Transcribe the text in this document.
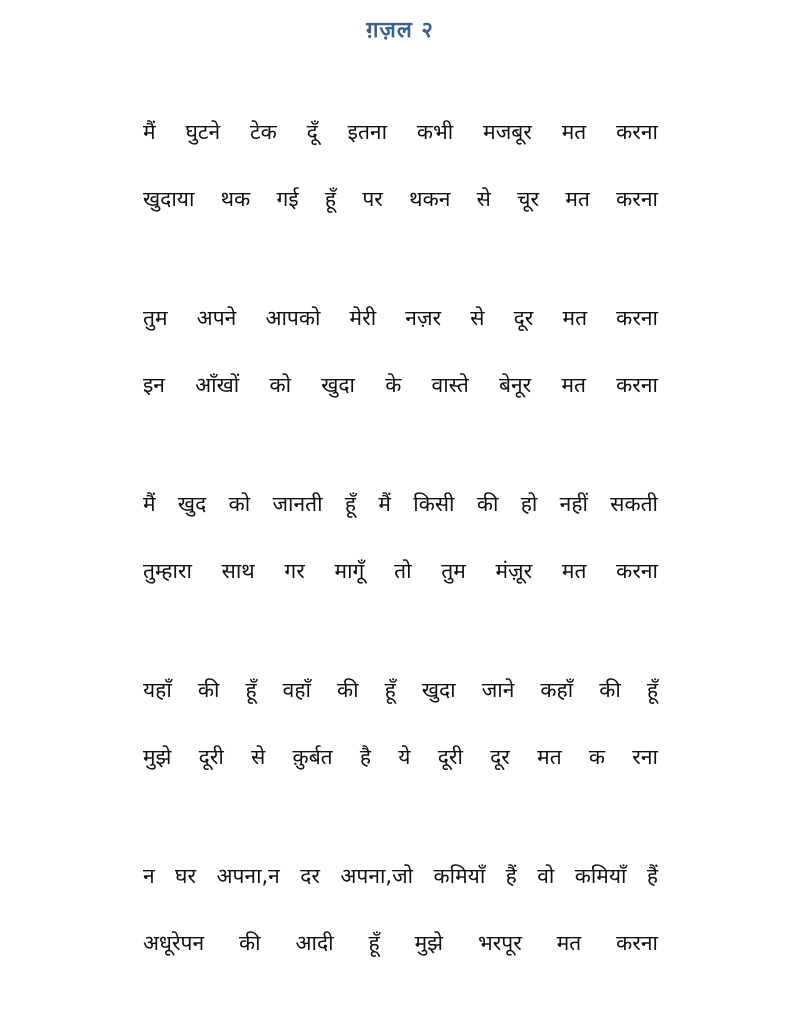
ग़ज़ल २
मैं घुटने टेक दूँ इतना कभी मजबूर मत करना
खुदाया थक गई हूँ पर थकन से चूर मत करना
तुम अपने आपको मेरी नज़र से दूर मत करना
इन आँखों को खुदा के वास्ते बेनूर मत करना
मैं खुद को जानती हूँ मैं किसी की हो नहीं सकती
तुम्हारा साथ गर मागूँ तो तुम मंज़ूर मत करना
यहाँ की हूँ वहाँ की हूँ खुदा जाने कहाँ की हूँ
मुझे दूरी से क़ुर्बत है ये दूरी दूर मत क रना
न घर अपना,न दर अपना,जो कमियाँ हैं वो कमियाँ हैं
अधूरेपन की आदी हूँ मुझे भरपूर मत करना
